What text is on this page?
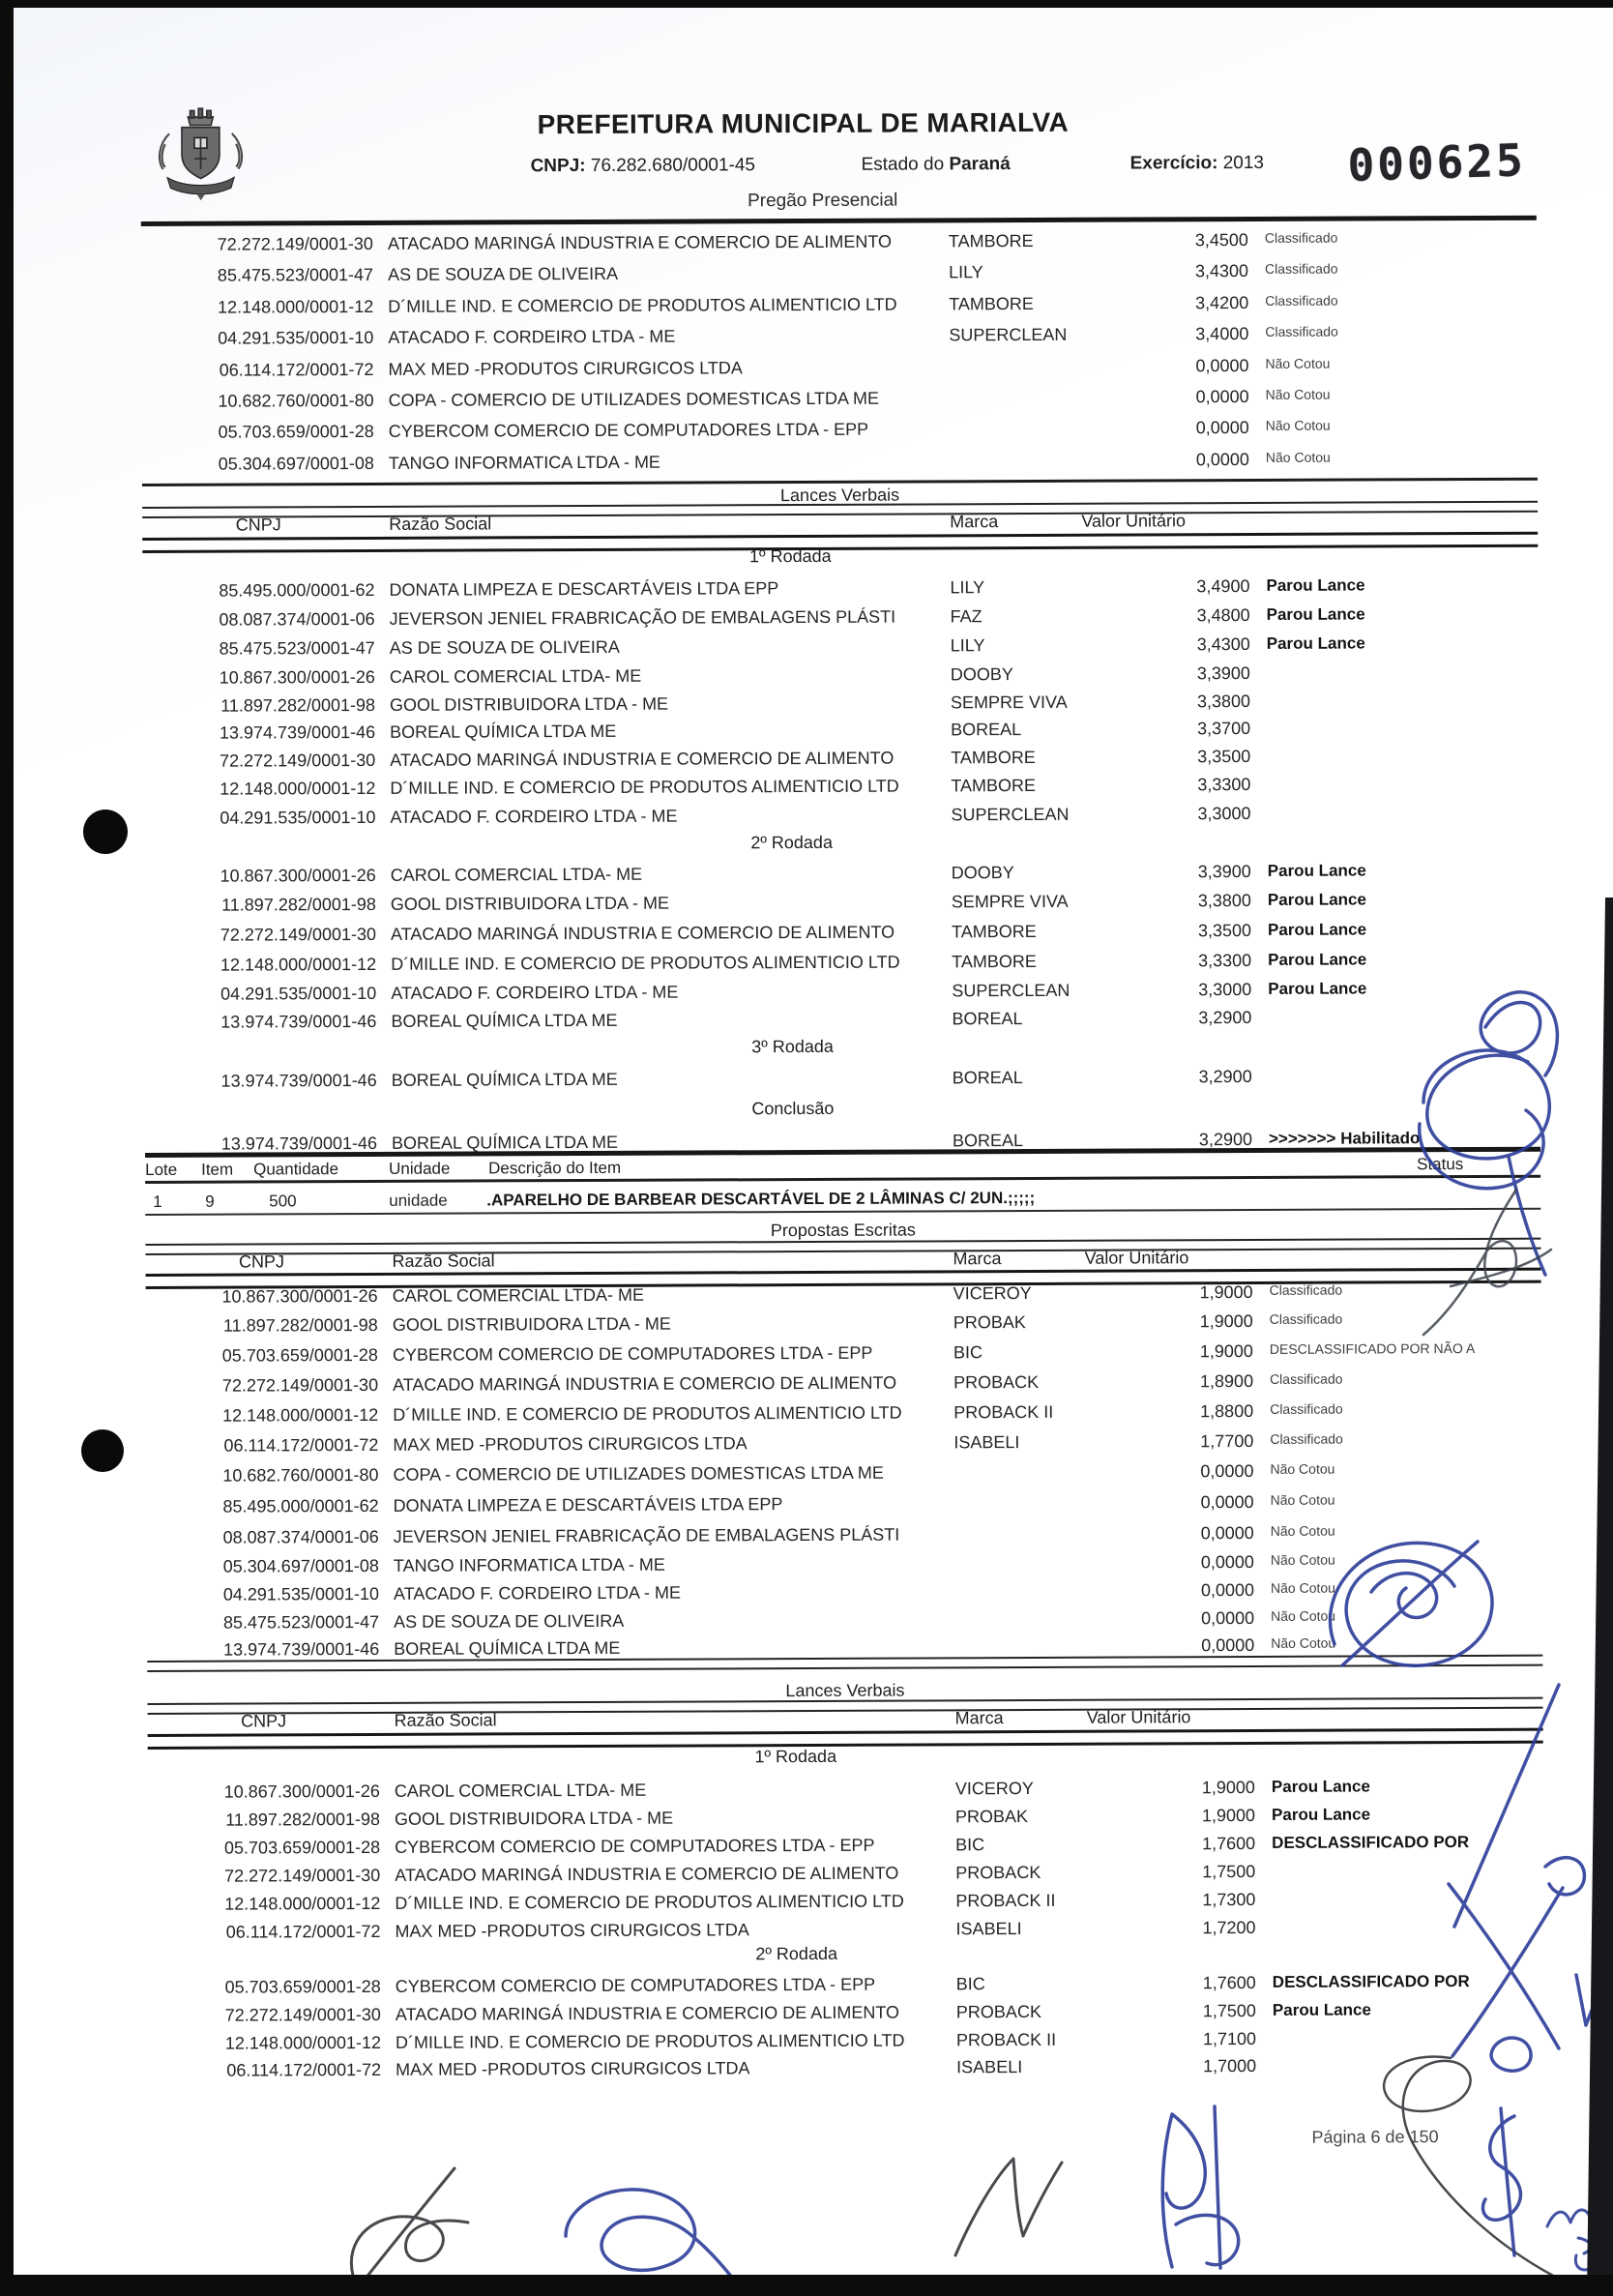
PREFEITURA MUNICIPAL DE MARIALVA
CNPJ: 76.282.680/0001-45	Estado do Paraná	Exercício: 2013 000625
Pregão Presencial
Lances Verbais
CNPJ	Razão Social	Marca	Valor Unitário
1º Rodada
2º Rodada
3º Rodada
Conclusão
Lote Item Quantidade	Unidade Descrição do Item	Status
1	9	500	unidade .APARELHO DE BARBEAR DESCARTÁVEL DE 2 LÂMINAS C/ 2UN.;;;;;
Propostas Escritas
CNPJ	Razão Social	Marca	Valor Unitário
Lances Verbais
CNPJ	Razão Social	Marca	Valor Unitário
1º Rodada
2º Rodada
72.272.149/0001-30 ATACADO MARINGÁ INDUSTRIA E COMERCIO DE ALIMENTO	TAMBORE	3,4500 Classificado
85.475.523/0001-47 AS DE SOUZA DE OLIVEIRA	LILY	3,4300 Classificado
12.148.000/0001-12 D´MILLE IND. E COMERCIO DE PRODUTOS ALIMENTICIO LTD	TAMBORE	3,4200 Classificado
04.291.535/0001-10 ATACADO F. CORDEIRO LTDA - ME	SUPERCLEAN	3,4000 Classificado
06.114.172/0001-72 MAX MED -PRODUTOS CIRURGICOS LTDA	0,0000 Não Cotou
10.682.760/0001-80 COPA - COMERCIO DE UTILIZADES DOMESTICAS LTDA ME	0,0000 Não Cotou
05.703.659/0001-28 CYBERCOM COMERCIO DE COMPUTADORES LTDA - EPP	0,0000 Não Cotou
05.304.697/0001-08 TANGO INFORMATICA LTDA - ME	0,0000 Não Cotou
85.495.000/0001-62 DONATA LIMPEZA E DESCARTÁVEIS LTDA EPP	LILY	3,4900 Parou Lance
08.087.374/0001-06 JEVERSON JENIEL FRABRICAÇÃO DE EMBALAGENS PLÁSTI	FAZ	3,4800 Parou Lance
85.475.523/0001-47 AS DE SOUZA DE OLIVEIRA	LILY	3,4300 Parou Lance
10.867.300/0001-26 CAROL COMERCIAL LTDA- ME	DOOBY	3,3900
11.897.282/0001-98 GOOL DISTRIBUIDORA LTDA - ME	SEMPRE VIVA	3,3800
13.974.739/0001-46 BOREAL QUÍMICA LTDA ME	BOREAL	3,3700
72.272.149/0001-30 ATACADO MARINGÁ INDUSTRIA E COMERCIO DE ALIMENTO	TAMBORE	3,3500
12.148.000/0001-12 D´MILLE IND. E COMERCIO DE PRODUTOS ALIMENTICIO LTD	TAMBORE	3,3300
04.291.535/0001-10 ATACADO F. CORDEIRO LTDA - ME	SUPERCLEAN	3,3000
10.867.300/0001-26 CAROL COMERCIAL LTDA- ME	DOOBY	3,3900 Parou Lance
11.897.282/0001-98 GOOL DISTRIBUIDORA LTDA - ME	SEMPRE VIVA	3,3800 Parou Lance
72.272.149/0001-30 ATACADO MARINGÁ INDUSTRIA E COMERCIO DE ALIMENTO	TAMBORE	3,3500 Parou Lance
12.148.000/0001-12 D´MILLE IND. E COMERCIO DE PRODUTOS ALIMENTICIO LTD	TAMBORE	3,3300 Parou Lance
04.291.535/0001-10 ATACADO F. CORDEIRO LTDA - ME	SUPERCLEAN	3,3000 Parou Lance
13.974.739/0001-46 BOREAL QUÍMICA LTDA ME	BOREAL	3,2900
13.974.739/0001-46 BOREAL QUÍMICA LTDA ME	BOREAL	3,2900
13.974.739/0001-46 BOREAL QUÍMICA LTDA ME	BOREAL	3,2900 >>>>>>> Habilitado
10.867.300/0001-26 CAROL COMERCIAL LTDA- ME	VICEROY	1,9000 Classificado
11.897.282/0001-98 GOOL DISTRIBUIDORA LTDA - ME	PROBAK	1,9000 Classificado
05.703.659/0001-28 CYBERCOM COMERCIO DE COMPUTADORES LTDA - EPP	BIC	1,9000 DESCLASSIFICADO POR NÃO A
72.272.149/0001-30 ATACADO MARINGÁ INDUSTRIA E COMERCIO DE ALIMENTO	PROBACK	1,8900 Classificado
12.148.000/0001-12 D´MILLE IND. E COMERCIO DE PRODUTOS ALIMENTICIO LTD	PROBACK II	1,8800 Classificado
06.114.172/0001-72 MAX MED -PRODUTOS CIRURGICOS LTDA	ISABELI	1,7700 Classificado
10.682.760/0001-80 COPA - COMERCIO DE UTILIZADES DOMESTICAS LTDA ME	0,0000 Não Cotou
85.495.000/0001-62 DONATA LIMPEZA E DESCARTÁVEIS LTDA EPP	0,0000 Não Cotou
08.087.374/0001-06 JEVERSON JENIEL FRABRICAÇÃO DE EMBALAGENS PLÁSTI	0,0000 Não Cotou
05.304.697/0001-08 TANGO INFORMATICA LTDA - ME	0,0000 Não Cotou
04.291.535/0001-10 ATACADO F. CORDEIRO LTDA - ME	0,0000 Não Cotou
85.475.523/0001-47 AS DE SOUZA DE OLIVEIRA	0,0000 Não Cotou
13.974.739/0001-46 BOREAL QUÍMICA LTDA ME	0,0000 Não Cotou
10.867.300/0001-26 CAROL COMERCIAL LTDA- ME	VICEROY	1,9000 Parou Lance
11.897.282/0001-98 GOOL DISTRIBUIDORA LTDA - ME	PROBAK	1,9000 Parou Lance
05.703.659/0001-28 CYBERCOM COMERCIO DE COMPUTADORES LTDA - EPP	BIC	1,7600 DESCLASSIFICADO POR
72.272.149/0001-30 ATACADO MARINGÁ INDUSTRIA E COMERCIO DE ALIMENTO	PROBACK	1,7500
12.148.000/0001-12 D´MILLE IND. E COMERCIO DE PRODUTOS ALIMENTICIO LTD	PROBACK II	1,7300
06.114.172/0001-72 MAX MED -PRODUTOS CIRURGICOS LTDA	ISABELI	1,7200
05.703.659/0001-28 CYBERCOM COMERCIO DE COMPUTADORES LTDA - EPP	BIC	1,7600 DESCLASSIFICADO POR
72.272.149/0001-30 ATACADO MARINGÁ INDUSTRIA E COMERCIO DE ALIMENTO	PROBACK	1,7500 Parou Lance
12.148.000/0001-12 D´MILLE IND. E COMERCIO DE PRODUTOS ALIMENTICIO LTD	PROBACK II	1,7100
06.114.172/0001-72 MAX MED -PRODUTOS CIRURGICOS LTDA	ISABELI	1,7000
Página 6 de 150
